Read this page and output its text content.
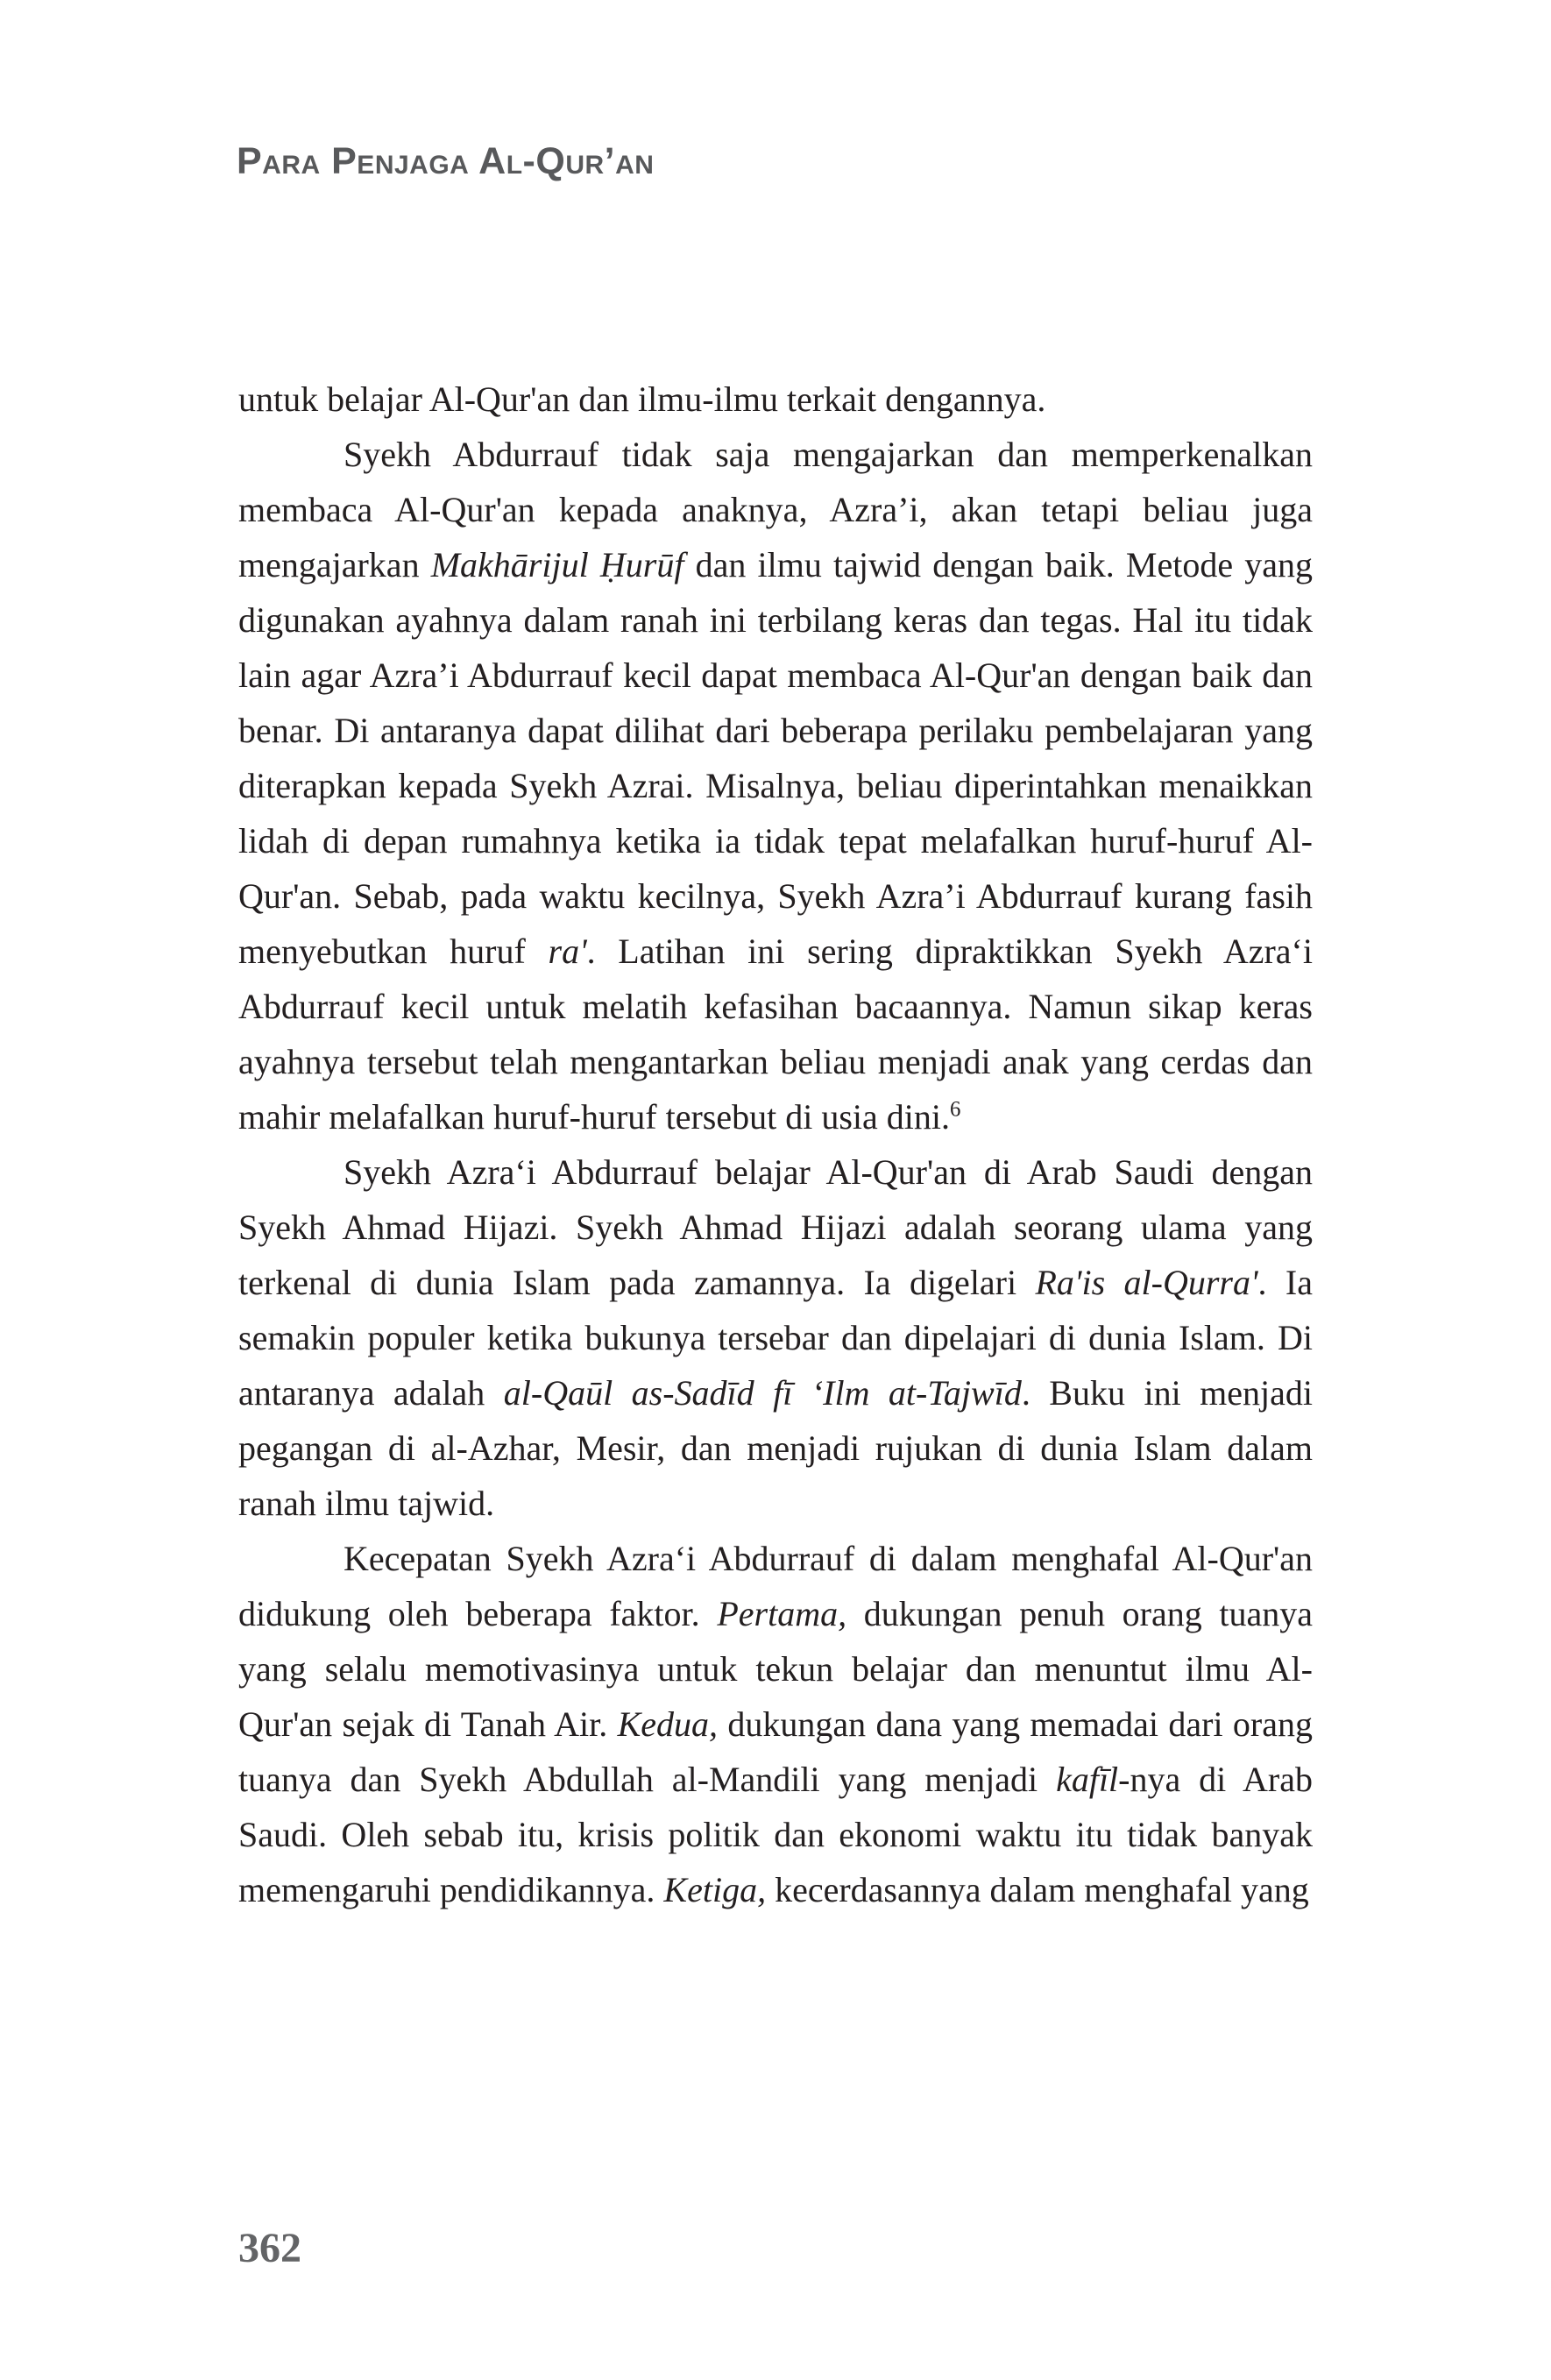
Para Penjaga Al-Qur’an

untuk belajar Al-Qur'an dan ilmu-ilmu terkait dengannya.

Syekh Abdurrauf tidak saja mengajarkan dan memperkenalkan membaca Al-Qur'an kepada anaknya, Azra’i, akan tetapi beliau juga mengajarkan Makhārijul Ḥurūf dan ilmu tajwid dengan baik. Metode yang digunakan ayahnya dalam ranah ini terbilang keras dan tegas. Hal itu tidak lain agar Azra’i Abdurrauf kecil dapat membaca Al-Qur'an dengan baik dan benar. Di antaranya dapat dilihat dari beberapa perilaku pembelajaran yang diterapkan kepada Syekh Azrai. Misalnya, beliau diperintahkan menaikkan lidah di depan rumahnya ketika ia tidak tepat melafalkan huruf-huruf Al-Qur'an. Sebab, pada waktu kecilnya, Syekh Azra’i Abdurrauf kurang fasih menyebutkan huruf ra'. Latihan ini sering dipraktikkan Syekh Azra‘i Abdurrauf kecil untuk melatih kefasihan bacaannya. Namun sikap keras ayahnya tersebut telah mengantarkan beliau menjadi anak yang cerdas dan mahir melafalkan huruf-huruf tersebut di usia dini.$^6$

Syekh Azra‘i Abdurrauf belajar Al-Qur'an di Arab Saudi dengan Syekh Ahmad Hijazi. Syekh Ahmad Hijazi adalah seorang ulama yang terkenal di dunia Islam pada zamannya. Ia digelari Ra'is al-Qurra'. Ia semakin populer ketika bukunya tersebar dan dipelajari di dunia Islam. Di antaranya adalah al-Qaūl as-Sadīd fī ‘Ilm at-Tajwīd. Buku ini menjadi pegangan di al-Azhar, Mesir, dan menjadi rujukan di dunia Islam dalam ranah ilmu tajwid.

Kecepatan Syekh Azra‘i Abdurrauf di dalam menghafal Al-Qur'an didukung oleh beberapa faktor. Pertama, dukungan penuh orang tuanya yang selalu memotivasinya untuk tekun belajar dan menuntut ilmu Al-Qur'an sejak di Tanah Air. Kedua, dukungan dana yang memadai dari orang tuanya dan Syekh Abdullah al-Mandili yang menjadi kafīl-nya di Arab Saudi. Oleh sebab itu, krisis politik dan ekonomi waktu itu tidak banyak memengaruhi pendidikannya. Ketiga, kecerdasannya dalam menghafal yang

362
